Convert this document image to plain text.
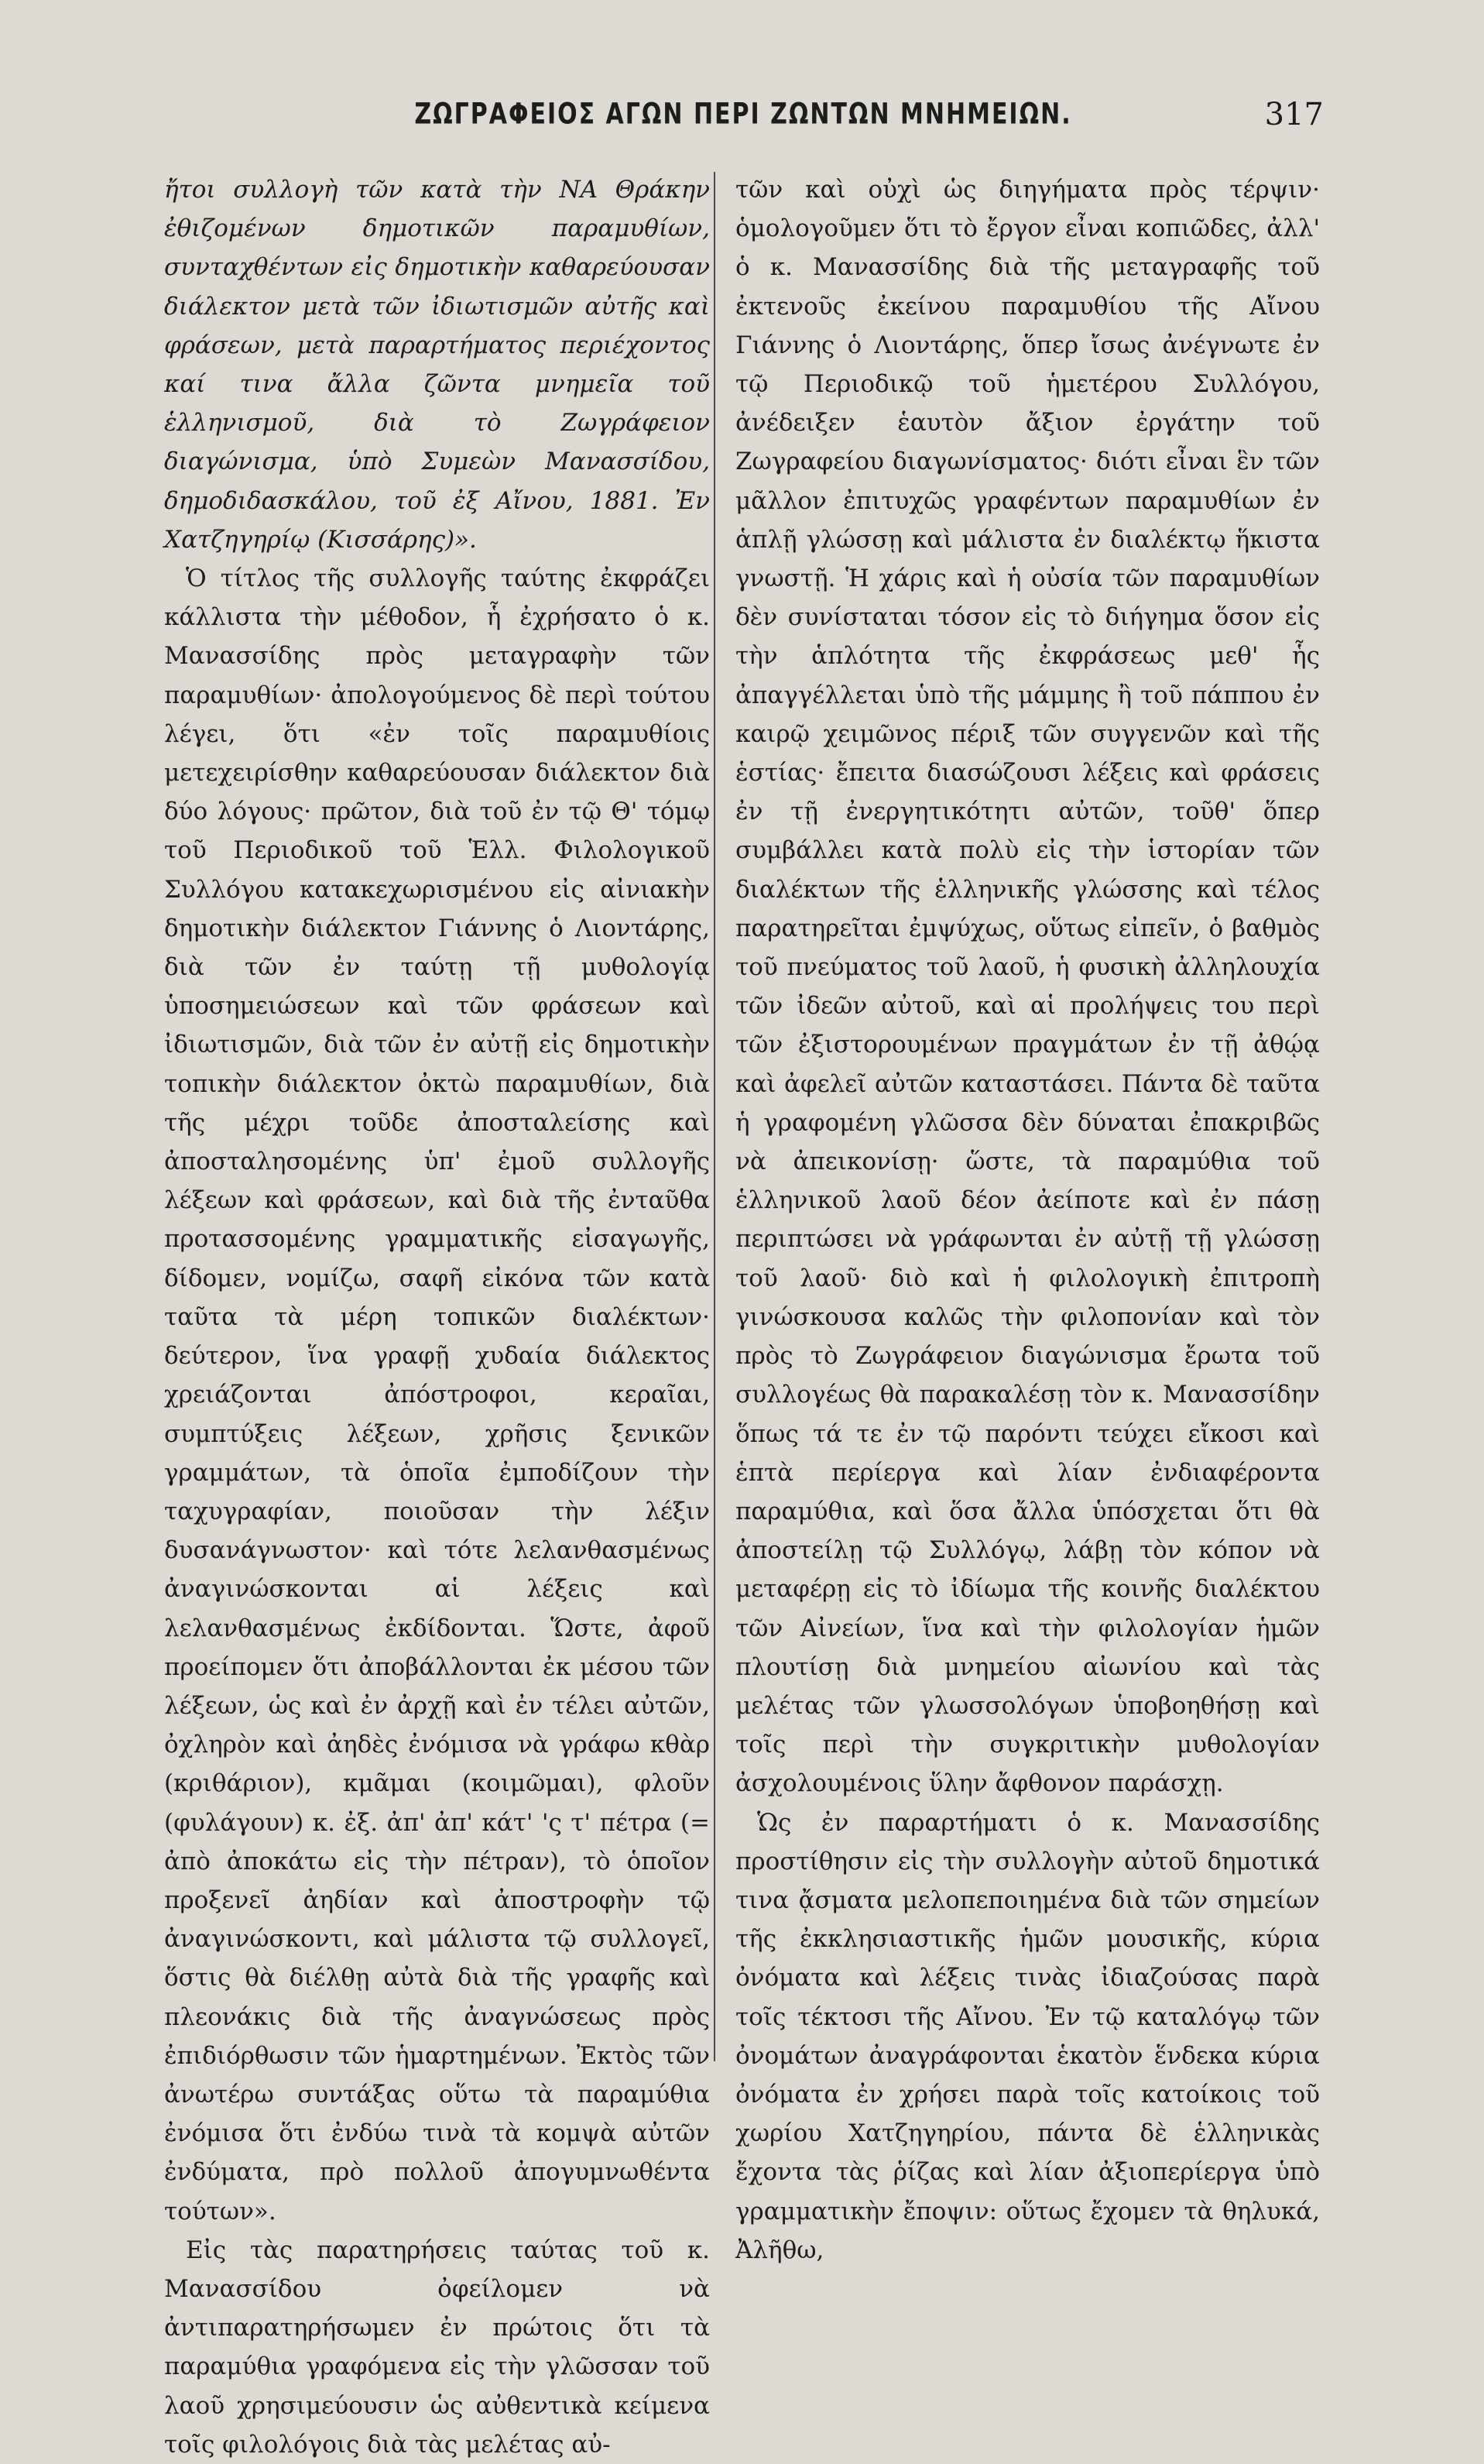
ΖΩΓΡΑΦΕΙΟΣ ΑΓΩΝ ΠΕΡΙ ΖΩΝΤΩΝ ΜΝΗΜΕΙΩΝ.	317

ἤτοι συλλογὴ τῶν κατὰ τὴν ΝΑ Θράκην ἐθιζομένων δημοτικῶν παραμυθίων, συνταχθέντων εἰς δημοτικὴν καθαρεύουσαν διάλεκτον μετὰ τῶν ἰδιωτισμῶν αὐτῆς καὶ φράσεων, μετὰ παραρτήματος περιέχοντος καί τινα ἄλλα ζῶντα μνημεῖα τοῦ ἑλληνισμοῦ, διὰ τὸ Ζωγράφειον διαγώνισμα, ὑπὸ Συμεὼν Μανασσίδου, δημοδιδασκάλου, τοῦ ἐξ Αἴνου, 1881. Ἐν Χατζηγηρίῳ (Κισσάρης)».

Ὁ τίτλος τῆς συλλογῆς ταύτης ἐκφράζει κάλλιστα τὴν μέθοδον, ἧ ἐχρήσατο ὁ κ. Μανασσίδης πρὸς μεταγραφὴν τῶν παραμυθίων· ἀπολογούμενος δὲ περὶ τούτου λέγει, ὅτι «ἐν τοῖς παραμυθίοις μετεχειρίσθην καθαρεύουσαν διάλεκτον διὰ δύο λόγους· πρῶτον, διὰ τοῦ ἐν τῷ Θ' τόμῳ τοῦ Περιοδικοῦ τοῦ Ἑλλ. Φιλολογικοῦ Συλλόγου κατακεχωρισμένου εἰς αἰνιακὴν δημοτικὴν διάλεκτον Γιάννης ὁ Λιοντάρης, διὰ τῶν ἐν ταύτῃ τῇ μυθολογίᾳ ὑποσημειώσεων καὶ τῶν φράσεων καὶ ἰδιωτισμῶν, διὰ τῶν ἐν αὐτῇ εἰς δημοτικὴν τοπικὴν διάλεκτον ὀκτὼ παραμυθίων, διὰ τῆς μέχρι τοῦδε ἀποσταλείσης καὶ ἀποσταλησομένης ὑπ' ἐμοῦ συλλογῆς λέξεων καὶ φράσεων, καὶ διὰ τῆς ἐνταῦθα προτασσομένης γραμματικῆς εἰσαγωγῆς, δίδομεν, νομίζω, σαφῆ εἰκόνα τῶν κατὰ ταῦτα τὰ μέρη τοπικῶν διαλέκτων· δεύτερον, ἵνα γραφῇ χυδαία διάλεκτος χρειάζονται ἀπόστροφοι, κεραῖαι, συμπτύξεις λέξεων, χρῆσις ξενικῶν γραμμάτων, τὰ ὁποῖα ἐμποδίζουν τὴν ταχυγραφίαν, ποιοῦσαν τὴν λέξιν δυσανάγνωστον· καὶ τότε λελανθασμένως ἀναγινώσκονται αἱ λέξεις καὶ λελανθασμένως ἐκδίδονται. Ὥστε, ἀφοῦ προείπομεν ὅτι ἀποβάλλονται ἐκ μέσου τῶν λέξεων, ὡς καὶ ἐν ἀρχῇ καὶ ἐν τέλει αὐτῶν, ὀχληρὸν καὶ ἀηδὲς ἐνόμισα νὰ γράφω κθὰρ (κριθάριον), κμᾶμαι (κοιμῶμαι), φλοῦν (φυλάγουν) κ. ἐξ. ἀπ' ἀπ' κάτ' 'ς τ' πέτρα (= ἀπὸ ἀποκάτω εἰς τὴν πέτραν), τὸ ὁποῖον προξενεῖ ἀηδίαν καὶ ἀποστροφὴν τῷ ἀναγινώσκοντι, καὶ μάλιστα τῷ συλλογεῖ, ὅστις θὰ διέλθῃ αὐτὰ διὰ τῆς γραφῆς καὶ πλεονάκις διὰ τῆς ἀναγνώσεως πρὸς ἐπιδιόρθωσιν τῶν ἡμαρτημένων. Ἐκτὸς τῶν ἀνωτέρω συντάξας οὕτω τὰ παραμύθια ἐνόμισα ὅτι ἐνδύω τινὰ τὰ κομψὰ αὐτῶν ἐνδύματα, πρὸ πολλοῦ ἀπογυμνωθέντα τούτων».

Εἰς τὰς παρατηρήσεις ταύτας τοῦ κ. Μανασσίδου ὀφείλομεν νὰ ἀντιπαρατηρήσωμεν ἐν πρώτοις ὅτι τὰ παραμύθια γραφόμενα εἰς τὴν γλῶσσαν τοῦ λαοῦ χρησιμεύουσιν ὡς αὐθεντικὰ κείμενα τοῖς φιλολόγοις διὰ τὰς μελέτας αὐ-

τῶν καὶ οὐχὶ ὡς διηγήματα πρὸς τέρψιν· ὁμολογοῦμεν ὅτι τὸ ἔργον εἶναι κοπιῶδες, ἀλλ' ὁ κ. Μανασσίδης διὰ τῆς μεταγραφῆς τοῦ ἐκτενοῦς ἐκείνου παραμυθίου τῆς Αἴνου Γιάννης ὁ Λιοντάρης, ὅπερ ἴσως ἀνέγνωτε ἐν τῷ Περιοδικῷ τοῦ ἡμετέρου Συλλόγου, ἀνέδειξεν ἑαυτὸν ἄξιον ἐργάτην τοῦ Ζωγραφείου διαγωνίσματος· διότι εἶναι ἓν τῶν μᾶλλον ἐπιτυχῶς γραφέντων παραμυθίων ἐν ἁπλῇ γλώσσῃ καὶ μάλιστα ἐν διαλέκτῳ ἥκιστα γνωστῇ. Ἡ χάρις καὶ ἡ οὐσία τῶν παραμυθίων δὲν συνίσταται τόσον εἰς τὸ διήγημα ὅσον εἰς τὴν ἁπλότητα τῆς ἐκφράσεως μεθ' ἧς ἀπαγγέλλεται ὑπὸ τῆς μάμμης ἢ τοῦ πάππου ἐν καιρῷ χειμῶνος πέριξ τῶν συγγενῶν καὶ τῆς ἑστίας· ἔπειτα διασώζουσι λέξεις καὶ φράσεις ἐν τῇ ἐνεργητικότητι αὐτῶν, τοῦθ' ὅπερ συμβάλλει κατὰ πολὺ εἰς τὴν ἱστορίαν τῶν διαλέκτων τῆς ἑλληνικῆς γλώσσης καὶ τέλος παρατηρεῖται ἐμψύχως, οὕτως εἰπεῖν, ὁ βαθμὸς τοῦ πνεύματος τοῦ λαοῦ, ἡ φυσικὴ ἀλληλουχία τῶν ἰδεῶν αὐτοῦ, καὶ αἱ προλήψεις του περὶ τῶν ἐξιστορουμένων πραγμάτων ἐν τῇ ἀθῴᾳ καὶ ἀφελεῖ αὐτῶν καταστάσει. Πάντα δὲ ταῦτα ἡ γραφομένη γλῶσσα δὲν δύναται ἐπακριβῶς νὰ ἀπεικονίσῃ· ὥστε, τὰ παραμύθια τοῦ ἑλληνικοῦ λαοῦ δέον ἀείποτε καὶ ἐν πάσῃ περιπτώσει νὰ γράφωνται ἐν αὐτῇ τῇ γλώσσῃ τοῦ λαοῦ· διὸ καὶ ἡ φιλολογικὴ ἐπιτροπὴ γινώσκουσα καλῶς τὴν φιλοπονίαν καὶ τὸν πρὸς τὸ Ζωγράφειον διαγώνισμα ἔρωτα τοῦ συλλογέως θὰ παρακαλέσῃ τὸν κ. Μανασσίδην ὅπως τά τε ἐν τῷ παρόντι τεύχει εἴκοσι καὶ ἑπτὰ περίεργα καὶ λίαν ἐνδιαφέροντα παραμύθια, καὶ ὅσα ἄλλα ὑπόσχεται ὅτι θὰ ἀποστείλῃ τῷ Συλλόγῳ, λάβῃ τὸν κόπον νὰ μεταφέρῃ εἰς τὸ ἰδίωμα τῆς κοινῆς διαλέκτου τῶν Αἰνείων, ἵνα καὶ τὴν φιλολογίαν ἡμῶν πλουτίσῃ διὰ μνημείου αἰωνίου καὶ τὰς μελέτας τῶν γλωσσολόγων ὑποβοηθήσῃ καὶ τοῖς περὶ τὴν συγκριτικὴν μυθολογίαν ἀσχολουμένοις ὕλην ἄφθονον παράσχῃ.

Ὡς ἐν παραρτήματι ὁ κ. Μανασσίδης προστίθησιν εἰς τὴν συλλογὴν αὐτοῦ δημοτικά τινα ᾄσματα μελοπεποιημένα διὰ τῶν σημείων τῆς ἐκκλησιαστικῆς ἡμῶν μουσικῆς, κύρια ὀνόματα καὶ λέξεις τινὰς ἰδιαζούσας παρὰ τοῖς τέκτοσι τῆς Αἴνου. Ἐν τῷ καταλόγῳ τῶν ὀνομάτων ἀναγράφονται ἑκατὸν ἕνδεκα κύρια ὀνόματα ἐν χρήσει παρὰ τοῖς κατοίκοις τοῦ χωρίου Χατζηγηρίου, πάντα δὲ ἑλληνικὰς ἔχοντα τὰς ῥίζας καὶ λίαν ἀξιοπερίεργα ὑπὸ γραμματικὴν ἔποψιν: οὕτως ἔχομεν τὰ θηλυκά, Ἀλῆθω,
